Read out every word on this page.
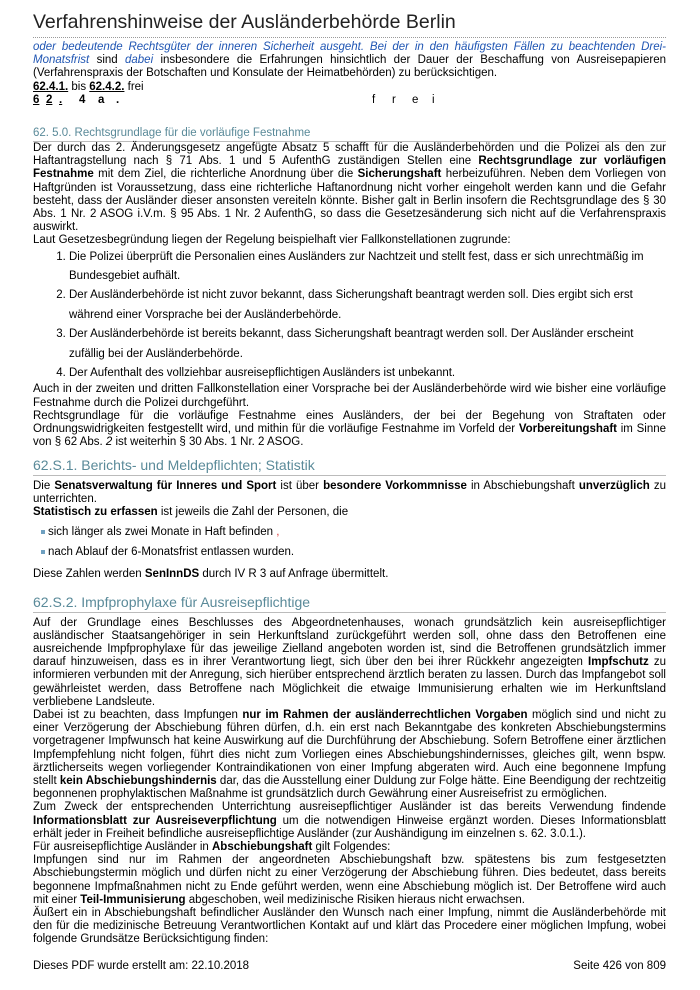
Verfahrenshinweise der Ausländerbehörde Berlin

oder bedeutende Rechtsgüter der inneren Sicherheit ausgeht. Bei der in den häufigsten Fällen zu beachtenden Drei-Monatsfrist sind dabei insbesondere die Erfahrungen hinsichtlich der Dauer der Beschaffung von Ausreisepapieren (Verfahrenspraxis der Botschaften und Konsulate der Heimatbehörden) zu berücksichtigen.

62.4.1. bis 62.4.2. frei

6 2 .	4	a	.	f	r	e	i

62. 5.0. Rechtsgrundlage für die vorläufige Festnahme

Der durch das 2. Änderungsgesetz angefügte Absatz 5 schafft für die Ausländerbehörden und die Polizei als den zur Haftantragstellung nach § 71 Abs. 1 und 5 AufenthG zuständigen Stellen eine Rechtsgrundlage zur vorläufigen Festnahme mit dem Ziel, die richterliche Anordnung über die Sicherungshaft herbeizuführen. Neben dem Vorliegen von Haftgründen ist Voraussetzung, dass eine richterliche Haftanordnung nicht vorher eingeholt werden kann und die Gefahr besteht, dass der Ausländer dieser ansonsten vereiteln könnte. Bisher galt in Berlin insofern die Rechtsgrundlage des § 30 Abs. 1 Nr. 2 ASOG i.V.m. § 95 Abs. 1 Nr. 2 AufenthG, so dass die Gesetzesänderung sich nicht auf die Verfahrenspraxis auswirkt.

Laut Gesetzesbegründung liegen der Regelung beispielhaft vier Fallkonstellationen zugrunde:

1. Die Polizei überprüft die Personalien eines Ausländers zur Nachtzeit und stellt fest, dass er sich unrechtmäßig im Bundesgebiet aufhält.
2. Der Ausländerbehörde ist nicht zuvor bekannt, dass Sicherungshaft beantragt werden soll. Dies ergibt sich erst während einer Vorsprache bei der Ausländerbehörde.
3. Der Ausländerbehörde ist bereits bekannt, dass Sicherungshaft beantragt werden soll. Der Ausländer erscheint zufällig bei der Ausländerbehörde.
4. Der Aufenthalt des vollziehbar ausreisepflichtigen Ausländers ist unbekannt.

Auch in der zweiten und dritten Fallkonstellation einer Vorsprache bei der Ausländerbehörde wird wie bisher eine vorläufige Festnahme durch die Polizei durchgeführt.

Rechtsgrundlage für die vorläufige Festnahme eines Ausländers, der bei der Begehung von Straftaten oder Ordnungswidrigkeiten festgestellt wird, und mithin für die vorläufige Festnahme im Vorfeld der Vorbereitungshaft im Sinne von § 62 Abs. 2 ist weiterhin § 30 Abs. 1 Nr. 2 ASOG.

62.S.1. Berichts- und Meldepflichten; Statistik

Die Senatsverwaltung für Inneres und Sport ist über besondere Vorkommnisse in Abschiebungshaft unverzüglich zu unterrichten.

Statistisch zu erfassen ist jeweils die Zahl der Personen, die

sich länger als zwei Monate in Haft befinden ,
nach Ablauf der 6-Monatsfrist entlassen wurden.

Diese Zahlen werden SenInnDS durch IV R 3 auf Anfrage übermittelt.

62.S.2. Impfprophylaxe für Ausreisepflichtige

Auf der Grundlage eines Beschlusses des Abgeordnetenhauses, wonach grundsätzlich kein ausreisepflichtiger ausländischer Staatsangehöriger in sein Herkunftsland zurückgeführt werden soll, ohne dass den Betroffenen eine ausreichende Impfprophylaxe für das jeweilige Zielland angeboten worden ist, sind die Betroffenen grundsätzlich immer darauf hinzuweisen, dass es in ihrer Verantwortung liegt, sich über den bei ihrer Rückkehr angezeigten Impfschutz zu informieren verbunden mit der Anregung, sich hierüber entsprechend ärztlich beraten zu lassen. Durch das Impfangebot soll gewährleistet werden, dass Betroffene nach Möglichkeit die etwaige Immunisierung erhalten wie im Herkunftsland verbliebene Landsleute.

Dabei ist zu beachten, dass Impfungen nur im Rahmen der ausländerrechtlichen Vorgaben möglich sind und nicht zu einer Verzögerung der Abschiebung führen dürfen, d.h. ein erst nach Bekanntgabe des konkreten Abschiebungstermins vorgetragener Impfwunsch hat keine Auswirkung auf die Durchführung der Abschiebung. Sofern Betroffene einer ärztlichen Impfempfehlung nicht folgen, führt dies nicht zum Vorliegen eines Abschiebungshindernisses, gleiches gilt, wenn bspw. ärztlicherseits wegen vorliegender Kontraindikationen von einer Impfung abgeraten wird. Auch eine begonnene Impfung stellt kein Abschiebungshindernis dar, das die Ausstellung einer Duldung zur Folge hätte. Eine Beendigung der rechtzeitig begonnenen prophylaktischen Maßnahme ist grundsätzlich durch Gewährung einer Ausreisefrist zu ermöglichen.

Zum Zweck der entsprechenden Unterrichtung ausreisepflichtiger Ausländer ist das bereits Verwendung findende Informationsblatt zur Ausreiseverpflichtung um die notwendigen Hinweise ergänzt worden. Dieses Informationsblatt erhält jeder in Freiheit befindliche ausreisepflichtige Ausländer (zur Aushändigung im einzelnen s. 62. 3.0.1.).

Für ausreisepflichtige Ausländer in Abschiebungshaft gilt Folgendes:

Impfungen sind nur im Rahmen der angeordneten Abschiebungshaft bzw. spätestens bis zum festgesetzten Abschiebungstermin möglich und dürfen nicht zu einer Verzögerung der Abschiebung führen. Dies bedeutet, dass bereits begonnene Impfmaßnahmen nicht zu Ende geführt werden, wenn eine Abschiebung möglich ist. Der Betroffene wird auch mit einer Teil-Immunisierung abgeschoben, weil medizinische Risiken hieraus nicht erwachsen.

Äußert ein in Abschiebungshaft befindlicher Ausländer den Wunsch nach einer Impfung, nimmt die Ausländerbehörde mit den für die medizinische Betreuung Verantwortlichen Kontakt auf und klärt das Procedere einer möglichen Impfung, wobei folgende Grundsätze Berücksichtigung finden:

Dieses PDF wurde erstellt am: 22.10.2018	Seite 426 von 809
